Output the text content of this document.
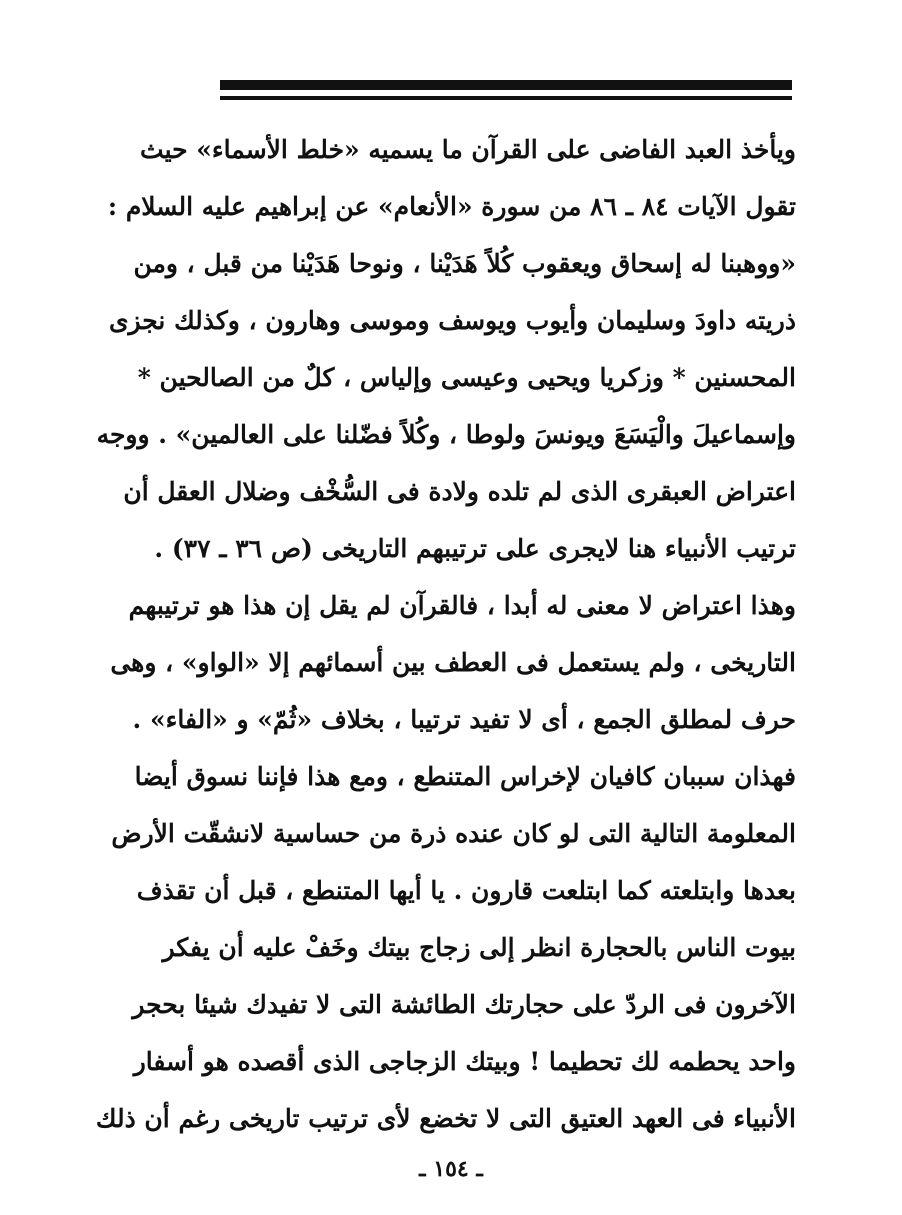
ويأخذ العبد الفاضى على القرآن ما يسميه «خلط الأسماء» حيث
تقول الآيات ٨٤ ـ ٨٦ من سورة «الأنعام» عن إبراهيم عليه السلام :
«ووهبنا له إسحاق ويعقوب كُلاً هَدَيْنا ، ونوحا هَدَيْنا من قبل ، ومن
ذريته داودَ وسليمان وأيوب ويوسف وموسى وهارون ، وكذلك نجزى
المحسنين * وزكريا ويحيى وعيسى وإلياس ، كلٌ من الصالحين *
وإسماعيلَ والْيَسَعَ ويونسَ ولوطا ، وكُلاً فضّلنا على العالمين» . ووجه
اعتراض العبقرى الذى لم تلده ولادة فى السُّخْف وضلال العقل أن
ترتيب الأنبياء هنا لايجرى على ترتيبهم التاريخى (ص ٣٦ ـ ٣٧) .
وهذا اعتراض لا معنى له أبدا ، فالقرآن لم يقل إن هذا هو ترتيبهم
التاريخى ، ولم يستعمل فى العطف بين أسمائهم إلا «الواو» ، وهى
حرف لمطلق الجمع ، أى لا تفيد ترتيبا ، بخلاف «ثُمّ» و «الفاء» .
فهذان سببان كافيان لإخراس المتنطع ، ومع هذا فإننا نسوق أيضا
المعلومة التالية التى لو كان عنده ذرة من حساسية لانشقّت الأرض
بعدها وابتلعته كما ابتلعت قارون . يا أيها المتنطع ، قبل أن تقذف
بيوت الناس بالحجارة انظر إلى زجاج بيتك وخَفْ عليه أن يفكر
الآخرون فى الردّ على حجارتك الطائشة التى لا تفيدك شيئا بحجر
واحد يحطمه لك تحطيما ! وبيتك الزجاجى الذى أقصده هو أسفار
الأنبياء فى العهد العتيق التى لا تخضع لأى ترتيب تاريخى رغم أن ذلك
ـ ١٥٤ ـ
